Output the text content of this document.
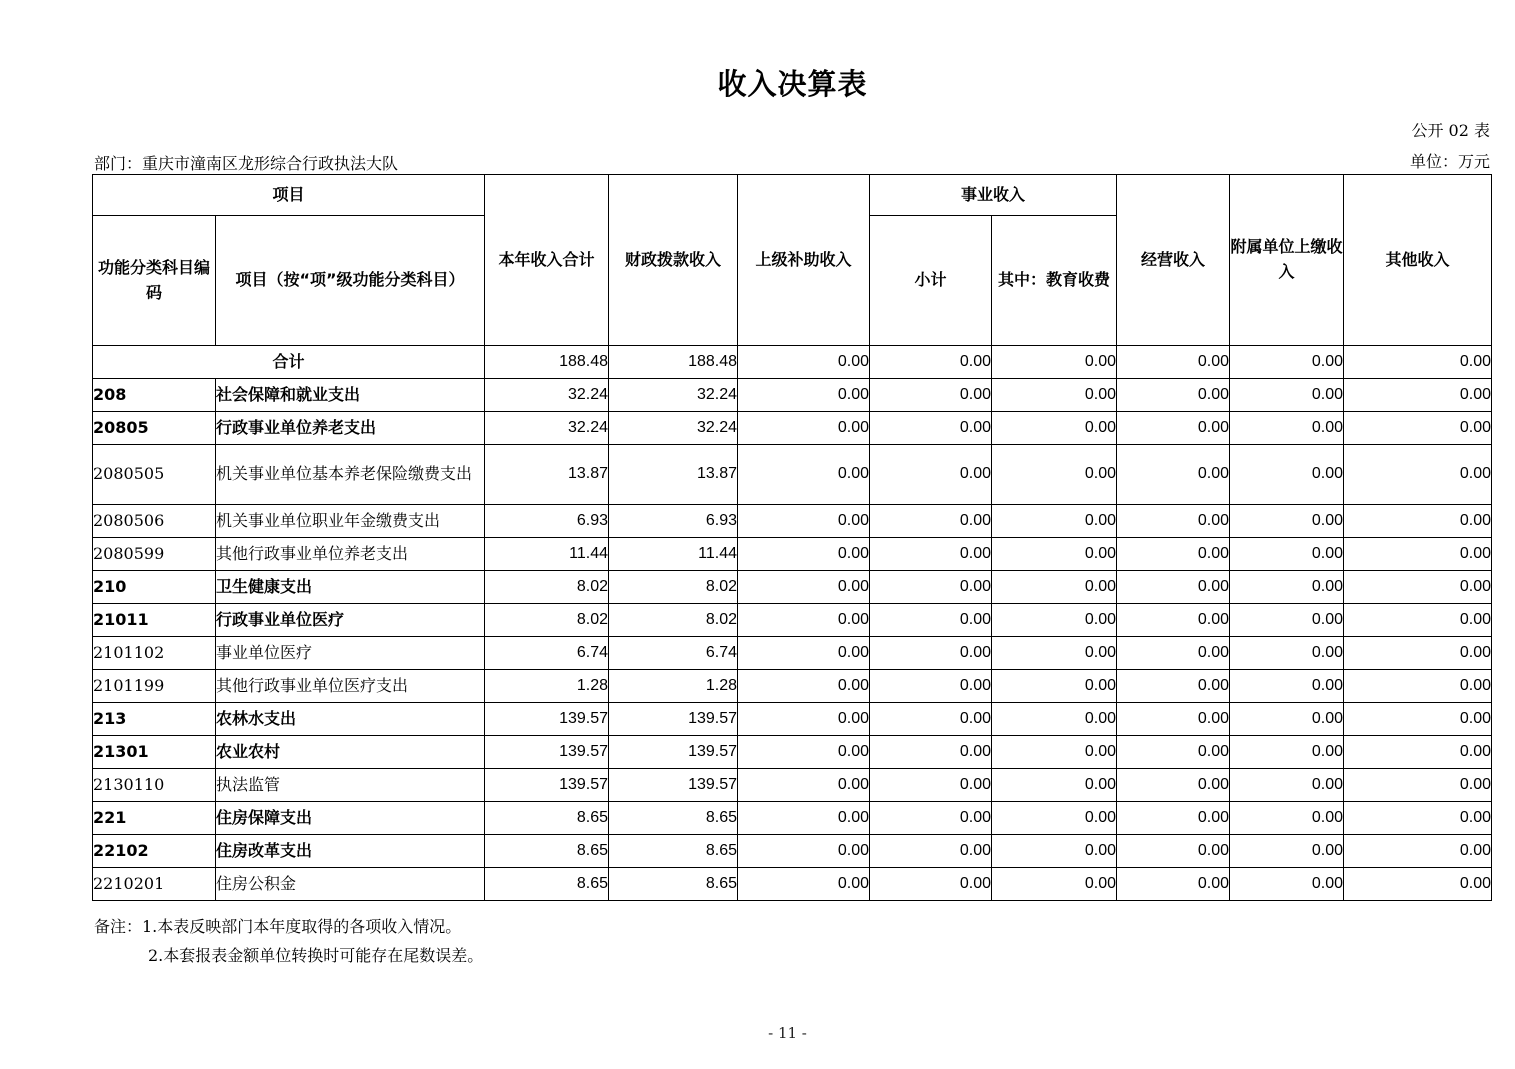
收入决算表
公开 02 表
部门：重庆市潼南区龙形综合行政执法大队	单位：万元
项目		本年收入合计	财政拨款收入	上级补助收入	事业收入		经营收入	附属单位上缴收入	其他收入
功能分类科目编码	项目（按“项”级功能分类科目）				小计	其中：教育收费			
合计		188.48	188.48	0.00	0.00	0.00	0.00	0.00	0.00
208	社会保障和就业支出	32.24	32.24	0.00	0.00	0.00	0.00	0.00	0.00
20805	行政事业单位养老支出	32.24	32.24	0.00	0.00	0.00	0.00	0.00	0.00
2080505	机关事业单位基本养老保险缴费支出	13.87	13.87	0.00	0.00	0.00	0.00	0.00	0.00
2080506	机关事业单位职业年金缴费支出	6.93	6.93	0.00	0.00	0.00	0.00	0.00	0.00
2080599	其他行政事业单位养老支出	11.44	11.44	0.00	0.00	0.00	0.00	0.00	0.00
210	卫生健康支出	8.02	8.02	0.00	0.00	0.00	0.00	0.00	0.00
21011	行政事业单位医疗	8.02	8.02	0.00	0.00	0.00	0.00	0.00	0.00
2101102	事业单位医疗	6.74	6.74	0.00	0.00	0.00	0.00	0.00	0.00
2101199	其他行政事业单位医疗支出	1.28	1.28	0.00	0.00	0.00	0.00	0.00	0.00
213	农林水支出	139.57	139.57	0.00	0.00	0.00	0.00	0.00	0.00
21301	农业农村	139.57	139.57	0.00	0.00	0.00	0.00	0.00	0.00
2130110	执法监管	139.57	139.57	0.00	0.00	0.00	0.00	0.00	0.00
221	住房保障支出	8.65	8.65	0.00	0.00	0.00	0.00	0.00	0.00
22102	住房改革支出	8.65	8.65	0.00	0.00	0.00	0.00	0.00	0.00
2210201	住房公积金	8.65	8.65	0.00	0.00	0.00	0.00	0.00	0.00
备注：1.本表反映部门本年度取得的各项收入情况。
2.本套报表金额单位转换时可能存在尾数误差。
- 11 -
